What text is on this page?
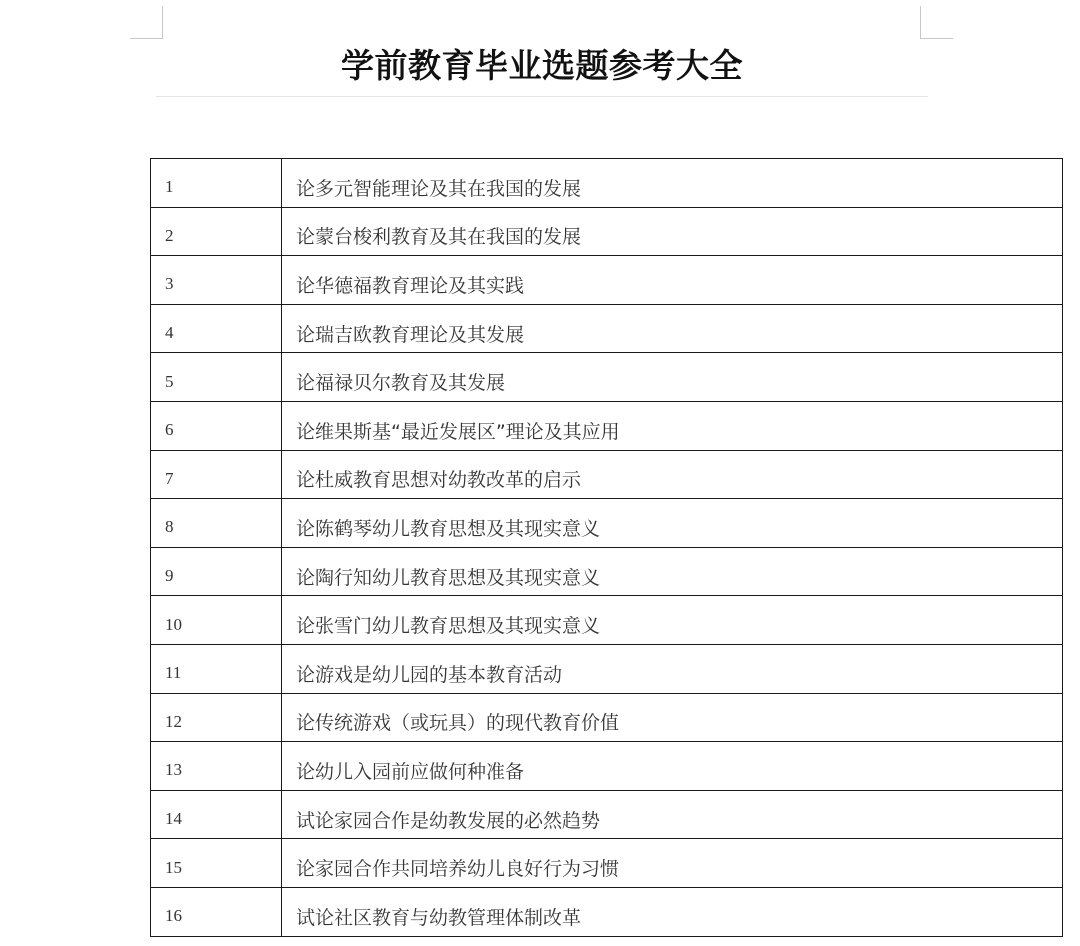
学前教育毕业选题参考大全
1	论多元智能理论及其在我国的发展
2	论蒙台梭利教育及其在我国的发展
3	论华德福教育理论及其实践
4	论瑞吉欧教育理论及其发展
5	论福禄贝尔教育及其发展
6	论维果斯基“最近发展区”理论及其应用
7	论杜威教育思想对幼教改革的启示
8	论陈鹤琴幼儿教育思想及其现实意义
9	论陶行知幼儿教育思想及其现实意义
10	论张雪门幼儿教育思想及其现实意义
11	论游戏是幼儿园的基本教育活动
12	论传统游戏（或玩具）的现代教育价值
13	论幼儿入园前应做何种准备
14	试论家园合作是幼教发展的必然趋势
15	论家园合作共同培养幼儿良好行为习惯
16	试论社区教育与幼教管理体制改革
